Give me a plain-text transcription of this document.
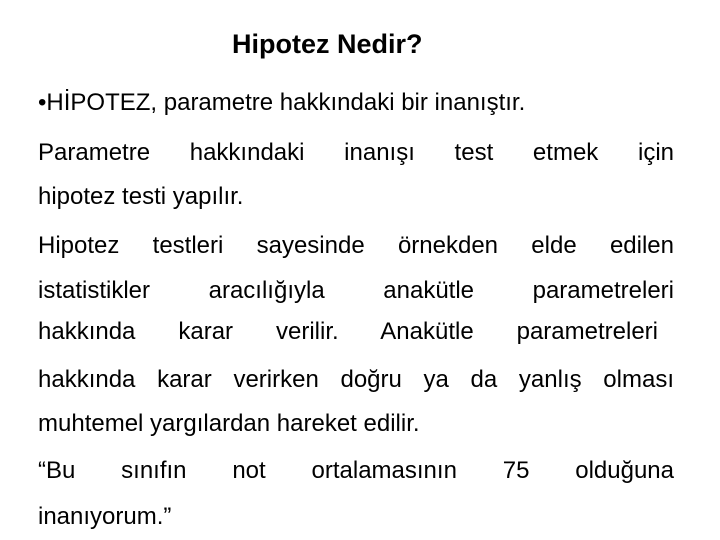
Hipotez Nedir?
•HİPOTEZ, parametre hakkındaki bir inanıştır.
Parametre hakkındaki inanışı test etmek için
hipotez testi yapılır.
Hipotez testleri sayesinde örnekden elde edilen
istatistikler aracılığıyla anakütle parametreleri
hakkında karar verilir. Anakütle parametreleri
hakkında karar verirken doğru ya da yanlış olması
muhtemel yargılardan hareket edilir.
“Bu sınıfın not ortalamasının 75 olduğuna
inanıyorum.”
